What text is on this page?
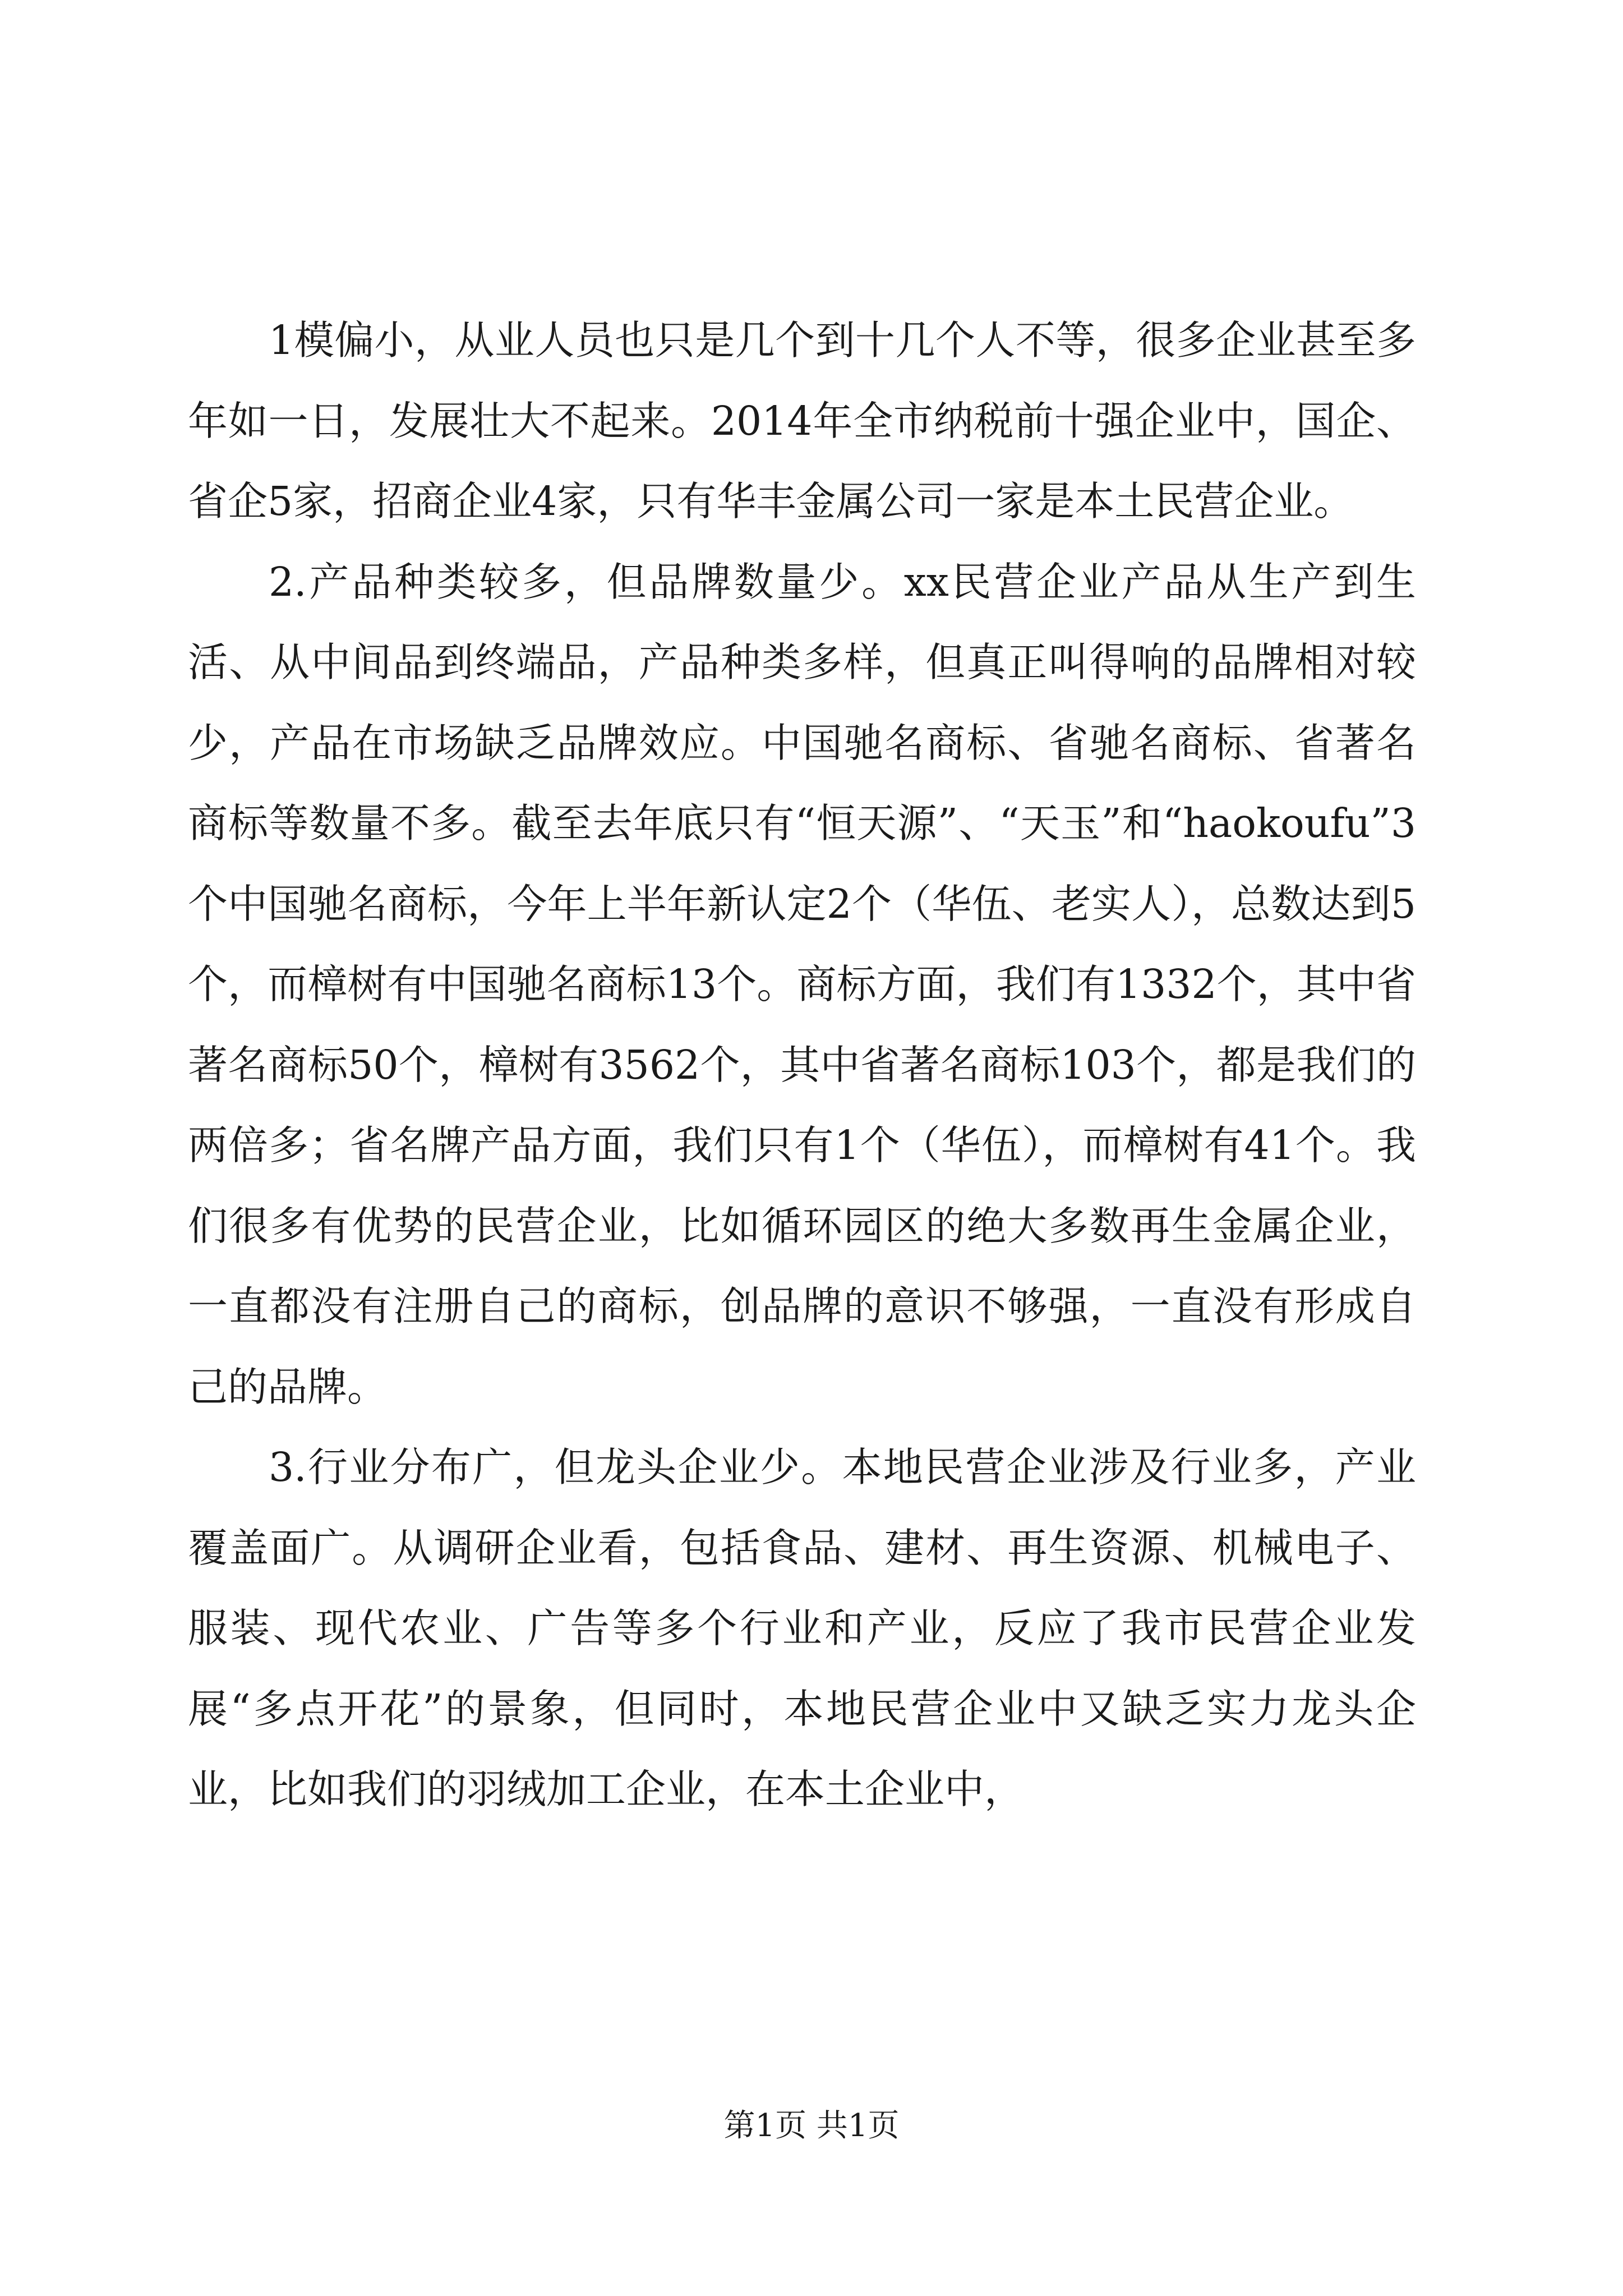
1模偏小，从业人员也只是几个到十几个人不等，很多企业甚至多年如一日，发展壮大不起来。2014年全市纳税前十强企业中，国企、省企5家，招商企业4家，只有华丰金属公司一家是本土民营企业。

2.产品种类较多，但品牌数量少。xx民营企业产品从生产到生活、从中间品到终端品，产品种类多样，但真正叫得响的品牌相对较少，产品在市场缺乏品牌效应。中国驰名商标、省驰名商标、省著名商标等数量不多。截至去年底只有“恒天源”、“天玉”和“haokoufu”3个中国驰名商标，今年上半年新认定2个（华伍、老实人），总数达到5个，而樟树有中国驰名商标13个。商标方面，我们有1332个，其中省著名商标50个，樟树有3562个，其中省著名商标103个，都是我们的两倍多；省名牌产品方面，我们只有1个（华伍），而樟树有41个。我们很多有优势的民营企业，比如循环园区的绝大多数再生金属企业，一直都没有注册自己的商标，创品牌的意识不够强，一直没有形成自己的品牌。

3.行业分布广，但龙头企业少。本地民营企业涉及行业多，产业覆盖面广。从调研企业看，包括食品、建材、再生资源、机械电子、服装、现代农业、广告等多个行业和产业，反应了我市民营企业发展“多点开花”的景象，但同时，本地民营企业中又缺乏实力龙头企业，比如我们的羽绒加工企业，在本土企业中，

第1页 共1页
